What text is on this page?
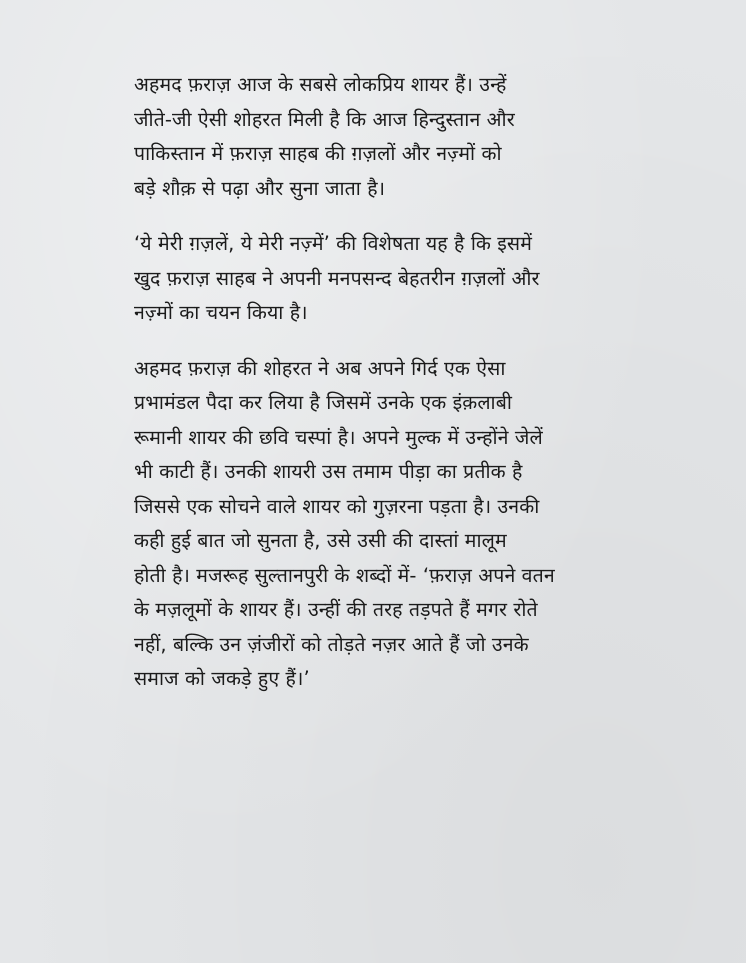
अहमद फ़राज़ आज के सबसे लोकप्रिय शायर हैं। उन्हें
जीते-जी ऐसी शोहरत मिली है कि आज हिन्दुस्तान और
पाकिस्तान में फ़राज़ साहब की ग़ज़लों और नज़्मों को
बड़े शौक़ से पढ़ा और सुना जाता है।

‘ये मेरी ग़ज़लें, ये मेरी नज़्में’ की विशेषता यह है कि इसमें
खुद फ़राज़ साहब ने अपनी मनपसन्द बेहतरीन ग़ज़लों और
नज़्मों का चयन किया है।

अहमद फ़राज़ की शोहरत ने अब अपने गिर्द एक ऐसा
प्रभामंडल पैदा कर लिया है जिसमें उनके एक इंक़लाबी
रूमानी शायर की छवि चस्पां है। अपने मुल्क में उन्होंने जेलें
भी काटी हैं। उनकी शायरी उस तमाम पीड़ा का प्रतीक है
जिससे एक सोचने वाले शायर को गुज़रना पड़ता है। उनकी
कही हुई बात जो सुनता है, उसे उसी की दास्तां मालूम
होती है। मजरूह सुल्तानपुरी के शब्दों में- ‘फ़राज़ अपने वतन
के मज़लूमों के शायर हैं। उन्हीं की तरह तड़पते हैं मगर रोते
नहीं, बल्कि उन ज़ंजीरों को तोड़ते नज़र आते हैं जो उनके
समाज को जकड़े हुए हैं।’
